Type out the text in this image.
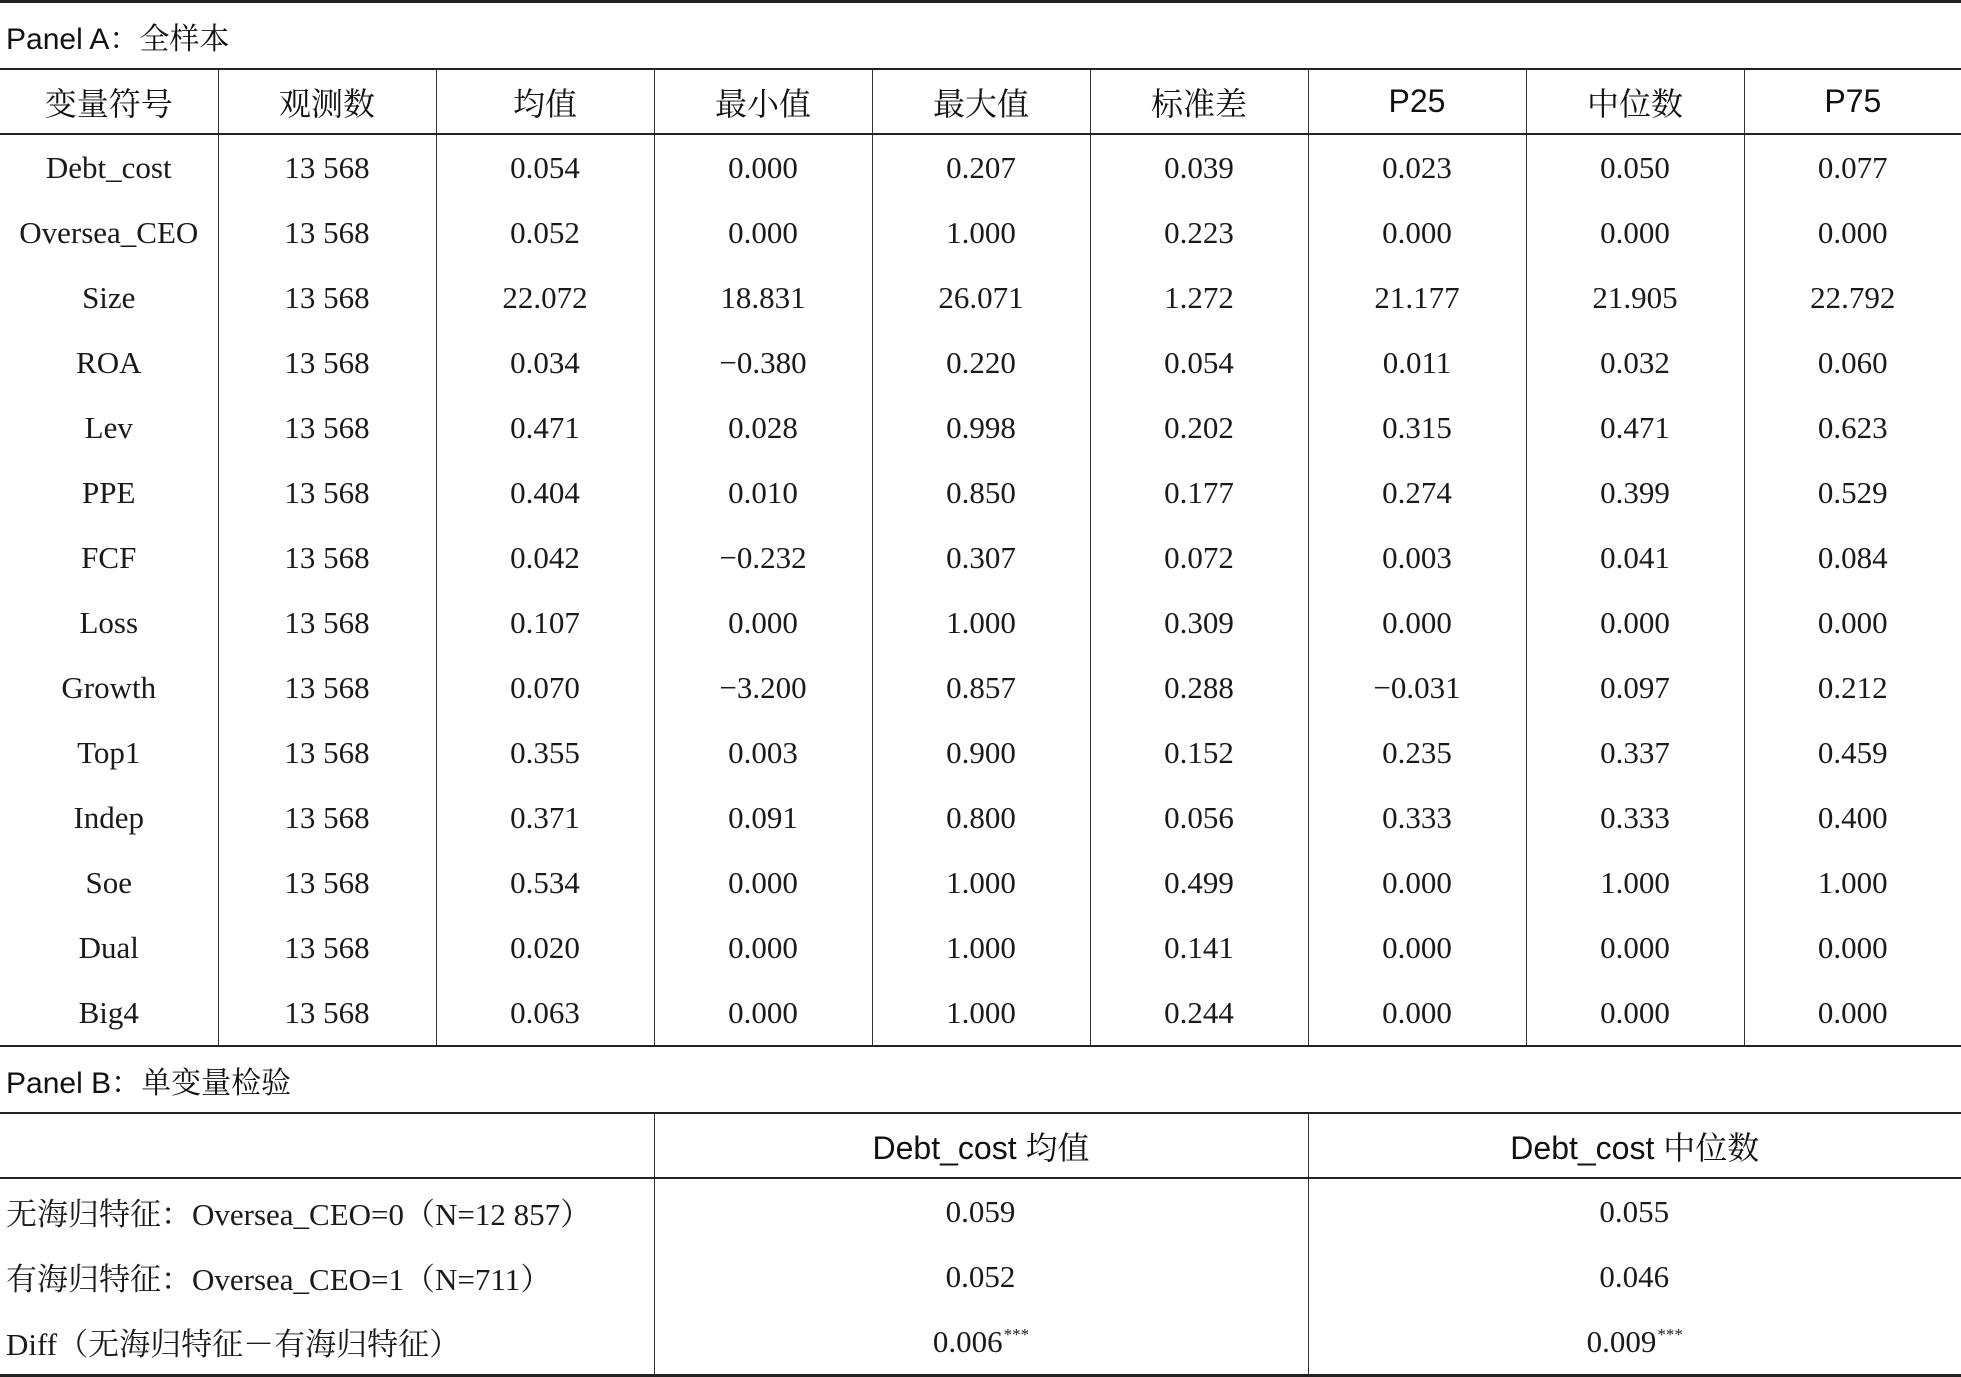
Panel A：全样本								
变量符号	观测数	均值	最小值	最大值	标准差	P25	中位数	P75
Debt_cost	13 568	0.054	0.000	0.207	0.039	0.023	0.050	0.077
Oversea_CEO	13 568	0.052	0.000	1.000	0.223	0.000	0.000	0.000
Size	13 568	22.072	18.831	26.071	1.272	21.177	21.905	22.792
ROA	13 568	0.034	−0.380	0.220	0.054	0.011	0.032	0.060
Lev	13 568	0.471	0.028	0.998	0.202	0.315	0.471	0.623
PPE	13 568	0.404	0.010	0.850	0.177	0.274	0.399	0.529
FCF	13 568	0.042	−0.232	0.307	0.072	0.003	0.041	0.084
Loss	13 568	0.107	0.000	1.000	0.309	0.000	0.000	0.000
Growth	13 568	0.070	−3.200	0.857	0.288	−0.031	0.097	0.212
Top1	13 568	0.355	0.003	0.900	0.152	0.235	0.337	0.459
Indep	13 568	0.371	0.091	0.800	0.056	0.333	0.333	0.400
Soe	13 568	0.534	0.000	1.000	0.499	0.000	1.000	1.000
Dual	13 568	0.020	0.000	1.000	0.141	0.000	0.000	0.000
Big4	13 568	0.063	0.000	1.000	0.244	0.000	0.000	0.000
Panel B：单变量检验								
			Debt_cost 均值			Debt_cost 中位数		
无海归特征：Oversea_CEO=0（N=12 857）			0.059			0.055		
有海归特征：Oversea_CEO=1（N=711）			0.052			0.046		
Diff（无海归特征－有海归特征）			0.006***			0.009***
